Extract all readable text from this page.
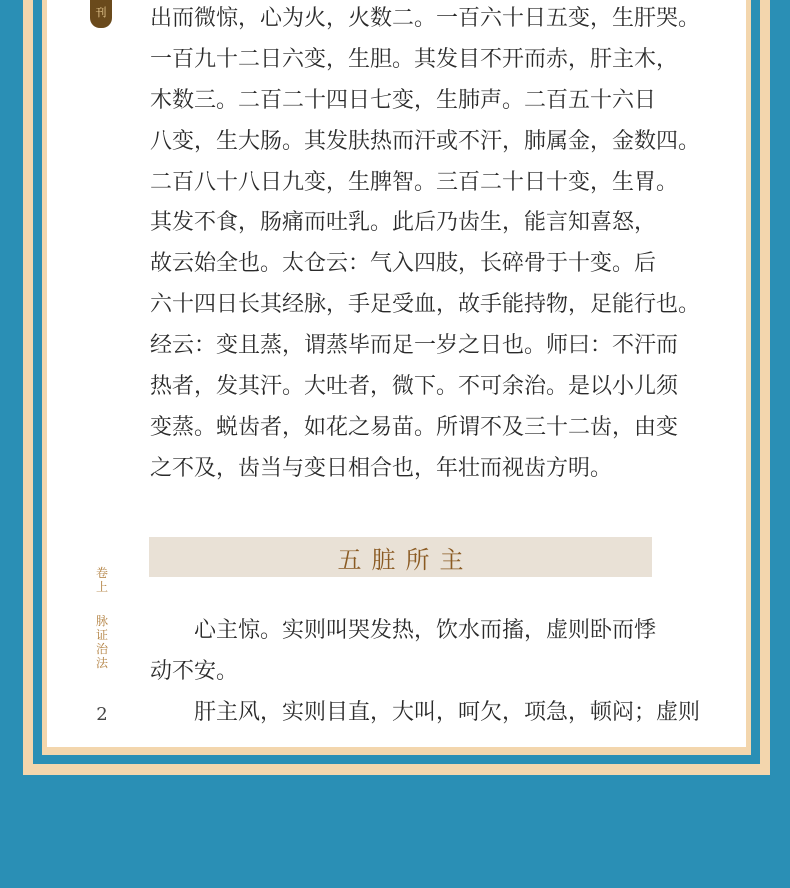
刊 出而微惊，心为火，火数二。一百六十日五变，生肝哭。
一百九十二日六变，生胆。其发目不开而赤，肝主木，
木数三。二百二十四日七变，生肺声。二百五十六日
八变，生大肠。其发肤热而汗或不汗，肺属金，金数四。
二百八十八日九变，生脾智。三百二十日十变，生胃。
其发不食，肠痛而吐乳。此后乃齿生，能言知喜怒，
故云始全也。太仓云：气入四肢，长碎骨于十变。后
六十四日长其经脉，手足受血，故手能持物，足能行也。
经云：变且蒸，谓蒸毕而足一岁之日也。师曰：不汗而
热者，发其汗。大吐者，微下。不可余治。是以小儿须
变蒸。蜕齿者，如花之易苗。所谓不及三十二齿，由变
之不及，齿当与变日相合也，年壮而视齿方明。
五脏所主
心主惊。实则叫哭发热，饮水而搐，虚则卧而悸
动不安。
肝主风，实则目直，大叫，呵欠，项急，顿闷；虚则
卷
上
脉
证
治
法
2
